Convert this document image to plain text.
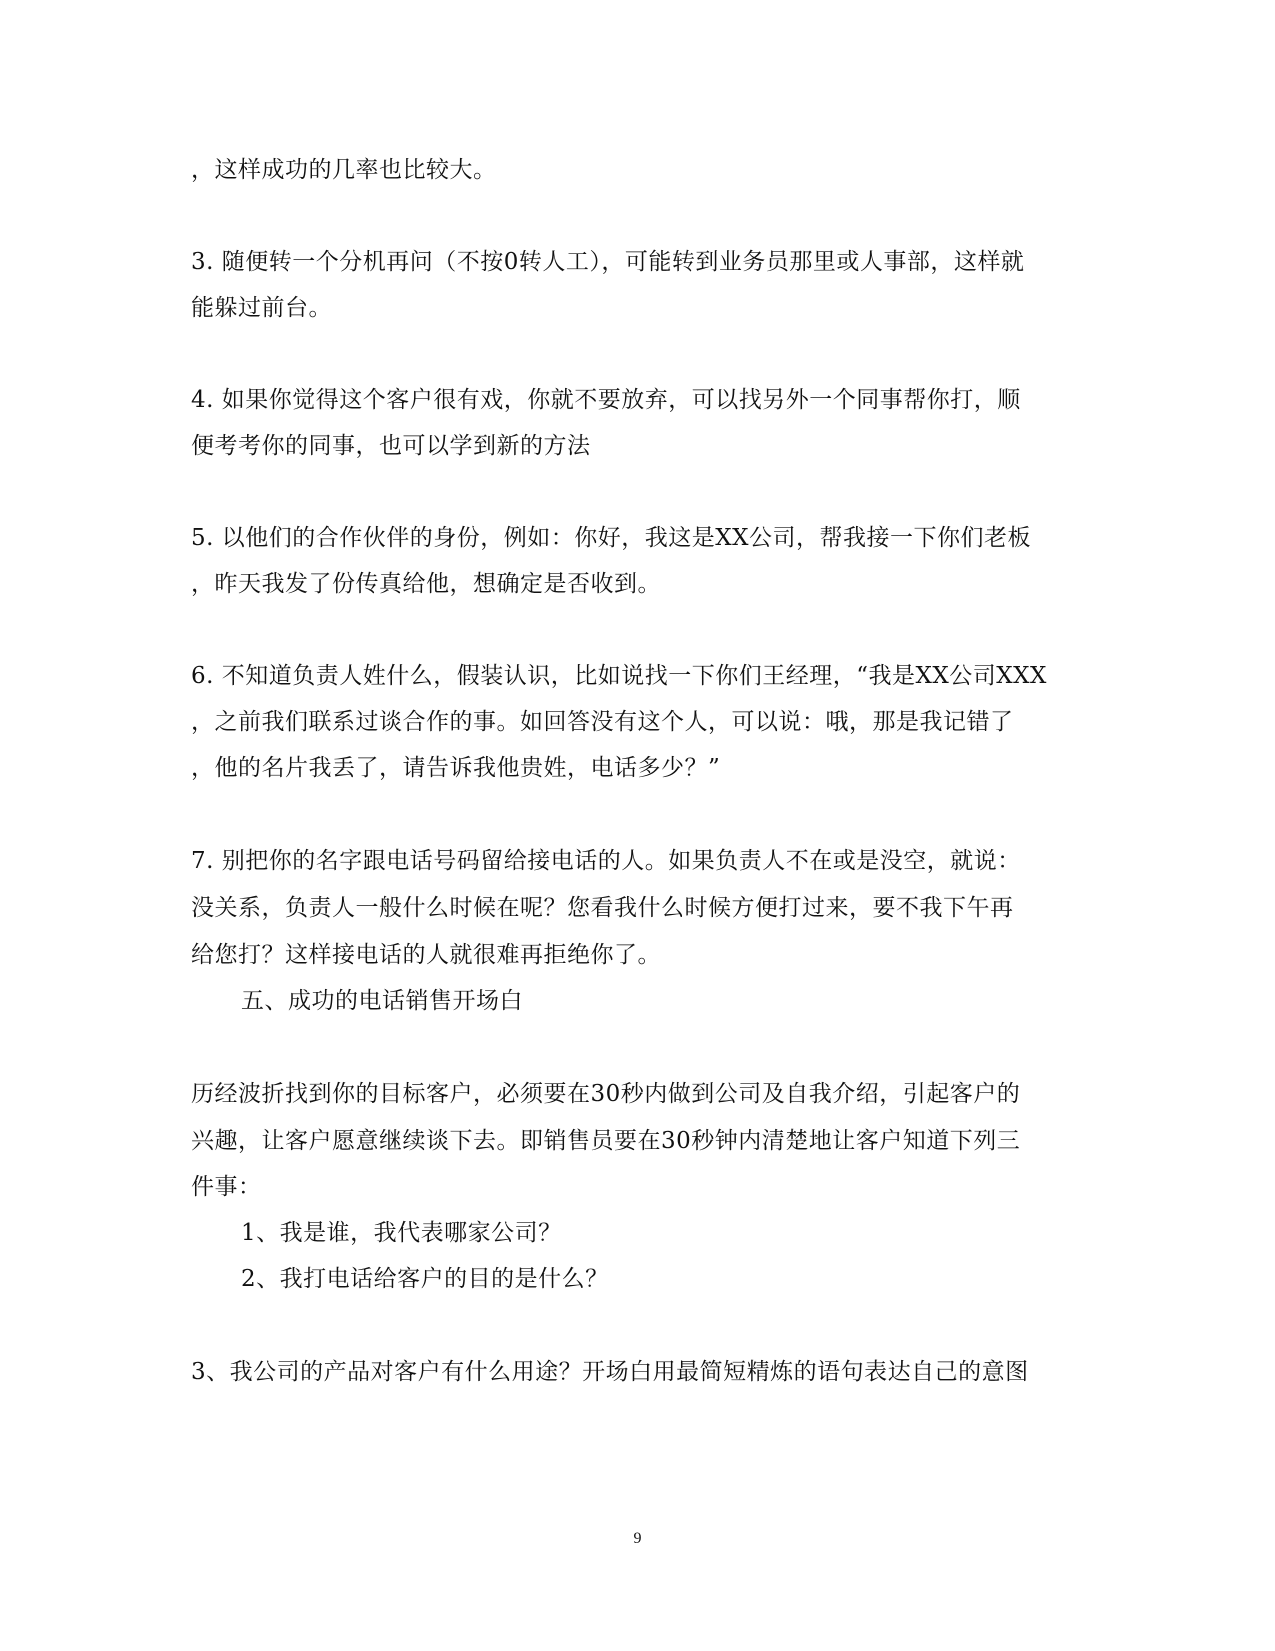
，这样成功的几率也比较大。
3. 随便转一个分机再问（不按0转人工），可能转到业务员那里或人事部，这样就
能躲过前台。
4. 如果你觉得这个客户很有戏，你就不要放弃，可以找另外一个同事帮你打，顺
便考考你的同事，也可以学到新的方法
5. 以他们的合作伙伴的身份，例如：你好，我这是XX公司，帮我接一下你们老板
，昨天我发了份传真给他，想确定是否收到。
6. 不知道负责人姓什么，假装认识，比如说找一下你们王经理，“我是XX公司XXX
，之前我们联系过谈合作的事。如回答没有这个人，可以说：哦，那是我记错了
，他的名片我丢了，请告诉我他贵姓，电话多少？”
7. 别把你的名字跟电话号码留给接电话的人。如果负责人不在或是没空，就说：
没关系，负责人一般什么时候在呢？您看我什么时候方便打过来，要不我下午再
给您打？这样接电话的人就很难再拒绝你了。
五、成功的电话销售开场白
历经波折找到你的目标客户，必须要在30秒内做到公司及自我介绍，引起客户的
兴趣，让客户愿意继续谈下去。即销售员要在30秒钟内清楚地让客户知道下列三
件事：
1、我是谁，我代表哪家公司？
2、我打电话给客户的目的是什么？
3、我公司的产品对客户有什么用途？开场白用最简短精炼的语句表达自己的意图
9
